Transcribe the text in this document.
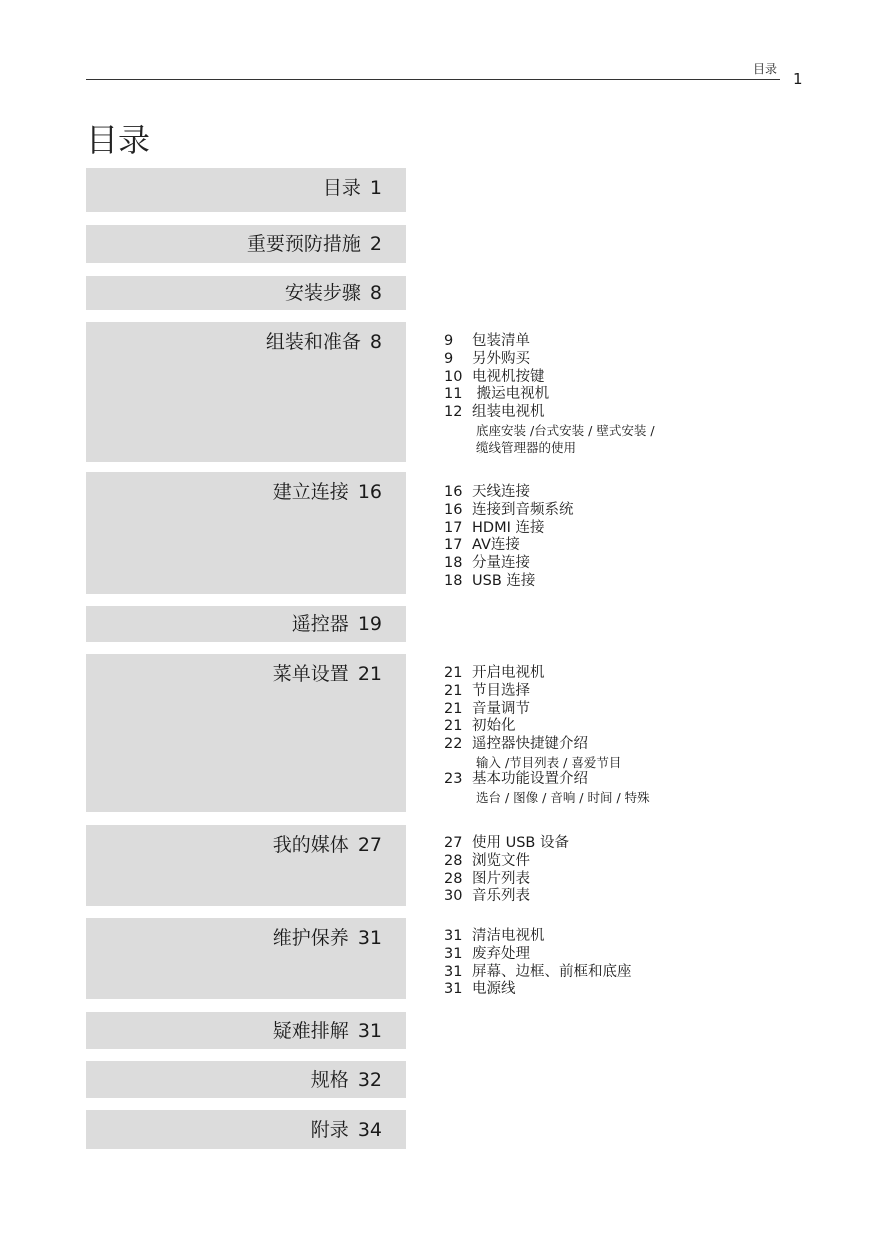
目录
1
目录
目录 1
重要预防措施 2
安装步骤 8
组装和准备 8	9 包装清单
9 另外购买
10 电视机按键
11 搬运电视机
12 组装电视机
底座安装 /台式安装 / 壁式安装 /
缆线管理器的使用
建立连接 16	16 天线连接
16 连接到音频系统
17 HDMI 连接
17 AV连接
18 分量连接
18 USB 连接
遥控器 19
菜单设置 21	21 开启电视机
21 节目选择
21 音量调节
21 初始化
22 遥控器快捷键介绍
输入 /节目列表 / 喜爱节目
23 基本功能设置介绍
选台 / 图像 / 音响 / 时间 / 特殊
我的媒体 27	27 使用 USB 设备
28 浏览文件
28 图片列表
30 音乐列表
维护保养 31	31 清洁电视机
31 废弃处理
31 屏幕、边框、前框和底座
31 电源线
疑难排解 31
规格 32
附录 34
